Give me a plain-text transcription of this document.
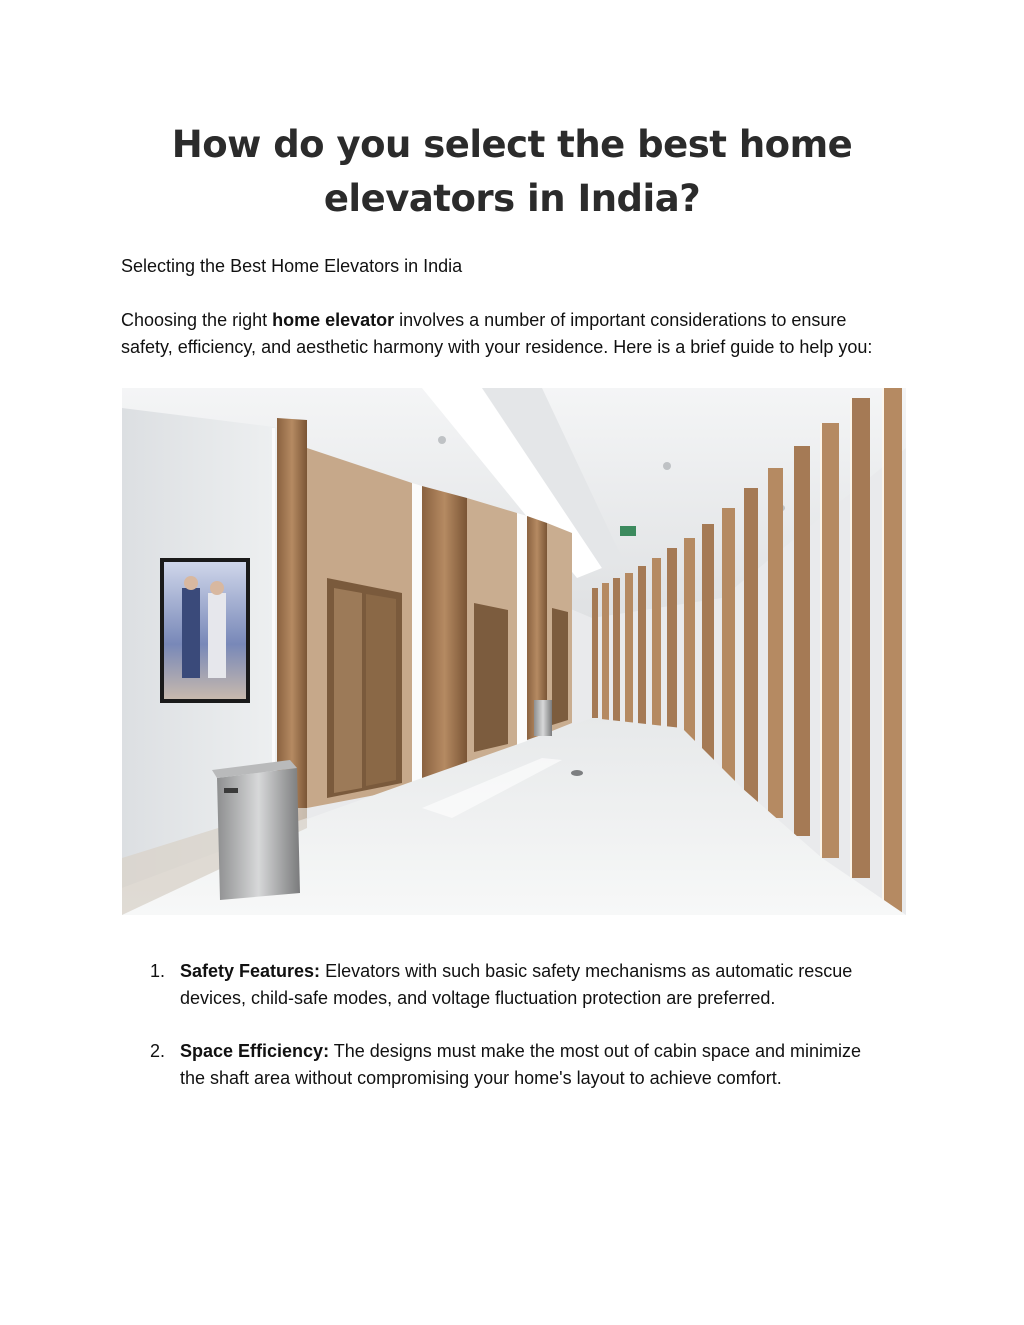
How do you select the best home elevators in India?

Selecting the Best Home Elevators in India

Choosing the right home elevator involves a number of important considerations to ensure safety, efficiency, and aesthetic harmony with your residence. Here is a brief guide to help you:

1. Safety Features: Elevators with such basic safety mechanisms as automatic rescue devices, child-safe modes, and voltage fluctuation protection are preferred.
2. Space Efficiency: The designs must make the most out of cabin space and minimize the shaft area without compromising your home's layout to achieve comfort.
